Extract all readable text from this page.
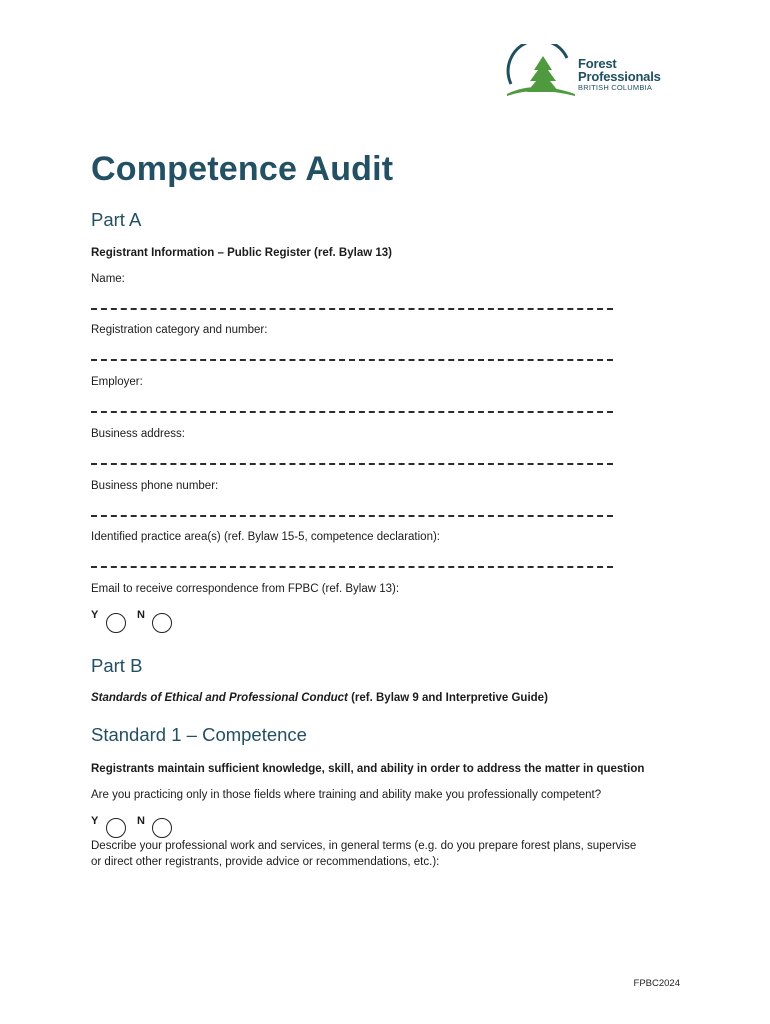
Forest
Professionals
BRITISH COLUMBIA
Competence Audit
Part A
Registrant Information – Public Register (ref. Bylaw 13)
Name:
Registration category and number:
Employer:
Business address:
Business phone number:
Identified practice area(s) (ref. Bylaw 15-5, competence declaration):
Email to receive correspondence from FPBC (ref. Bylaw 13):
Y	N
Part B
Standards of Ethical and Professional Conduct (ref. Bylaw 9 and Interpretive Guide)
Standard 1 – Competence
Registrants maintain sufficient knowledge, skill, and ability in order to address the matter in question
Are you practicing only in those fields where training and ability make you professionally competent?
Y	N
Describe your professional work and services, in general terms (e.g. do you prepare forest plans, supervise
or direct other registrants, provide advice or recommendations, etc.):
FPBC2024
